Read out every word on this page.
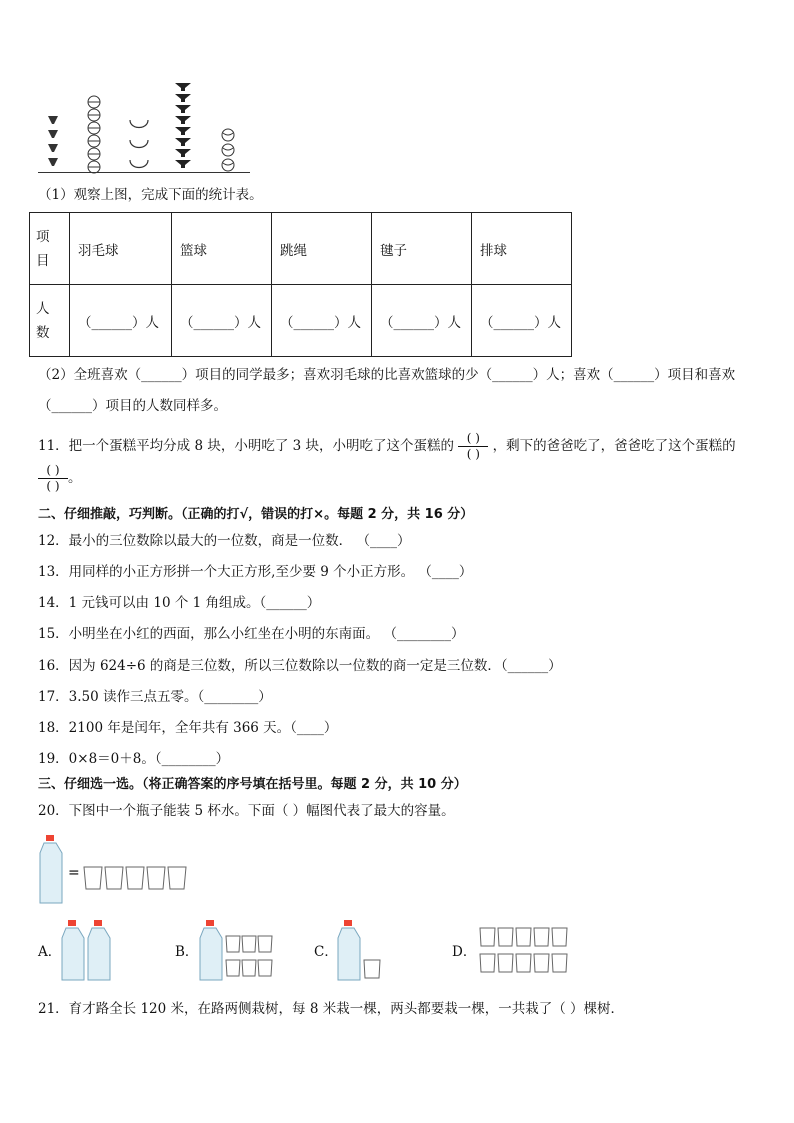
（1）观察上图，完成下面的统计表。
项
目	羽毛球	篮球	跳绳	毽子	排球
人
数	（______）人	（______）人	（______）人	（______）人	（______）人
（2）全班喜欢（______）项目的同学最多；喜欢羽毛球的比喜欢篮球的少（______）人；喜欢（______）项目和喜欢
（______）项目的人数同样多。
11．把一个蛋糕平均分成 8 块，小明吃了 3 块，小明吃了这个蛋糕的 $\frac{( )}{( )}$ ，剩下的爸爸吃了，爸爸吃了这个蛋糕的
$\frac{( )}{( )}$ 。
二、仔细推敲，巧判断。（正确的打√，错误的打×。每题 2 分，共 16 分）
12．最小的三位数除以最大的一位数，商是一位数． （____）
13．用同样的小正方形拼一个大正方形,至少要 9 个小正方形。 （____）
14．1 元钱可以由 10 个 1 角组成。（______）
15．小明坐在小红的西面，那么小红坐在小明的东南面。 （________）
16．因为 624÷6 的商是三位数，所以三位数除以一位数的商一定是三位数．（______）
17．3.50 读作三点五零。（________）
18．2100 年是闰年，全年共有 366 天。（____）
19．0×8＝0＋8。（________）
三、仔细选一选。（将正确答案的序号填在括号里。每题 2 分，共 10 分）
20．下图中一个瓶子能装 5 杯水。下面（ ）幅图代表了最大的容量。
=
A．	B．	C．	D．
21．育才路全长 120 米，在路两侧栽树，每 8 米栽一棵，两头都要栽一棵，一共栽了（ ）棵树．
